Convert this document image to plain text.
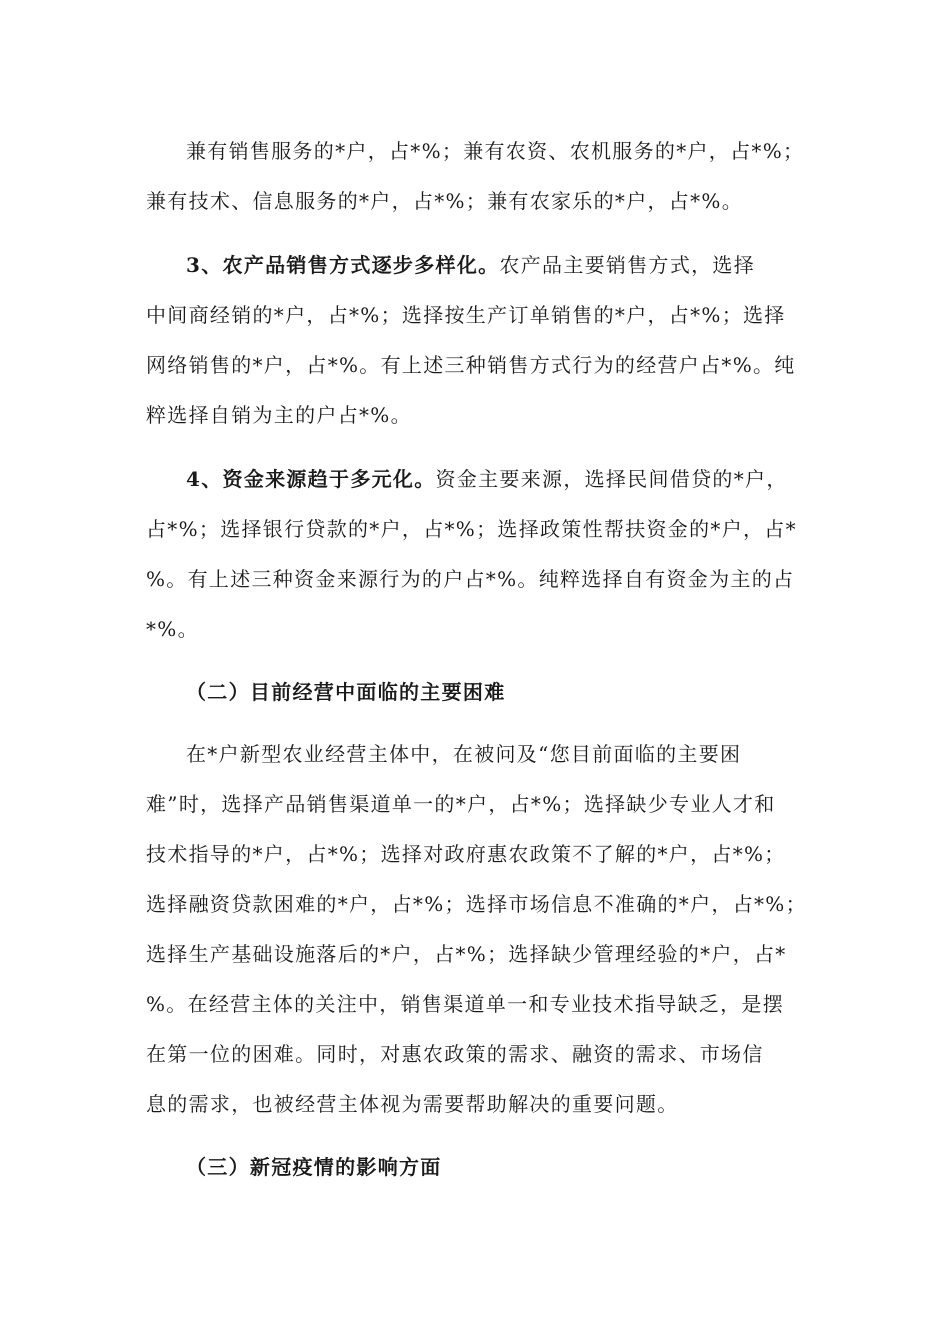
兼有销售服务的*户，占*%；兼有农资、农机服务的*户，占*%；
兼有技术、信息服务的*户，占*%；兼有农家乐的*户，占*%。
3、农产品销售方式逐步多样化。农产品主要销售方式，选择
中间商经销的*户，占*%；选择按生产订单销售的*户，占*%；选择
网络销售的*户，占*%。有上述三种销售方式行为的经营户占*%。纯
粹选择自销为主的户占*%。
4、资金来源趋于多元化。资金主要来源，选择民间借贷的*户，
占*%；选择银行贷款的*户，占*%；选择政策性帮扶资金的*户，占*
%。有上述三种资金来源行为的户占*%。纯粹选择自有资金为主的占
*%。
（二）目前经营中面临的主要困难
在*户新型农业经营主体中，在被问及“您目前面临的主要困
难”时，选择产品销售渠道单一的*户，占*%；选择缺少专业人才和
技术指导的*户，占*%；选择对政府惠农政策不了解的*户，占*%；
选择融资贷款困难的*户，占*%；选择市场信息不准确的*户，占*%；
选择生产基础设施落后的*户，占*%；选择缺少管理经验的*户，占*
%。在经营主体的关注中，销售渠道单一和专业技术指导缺乏，是摆
在第一位的困难。同时，对惠农政策的需求、融资的需求、市场信
息的需求，也被经营主体视为需要帮助解决的重要问题。
（三）新冠疫情的影响方面
